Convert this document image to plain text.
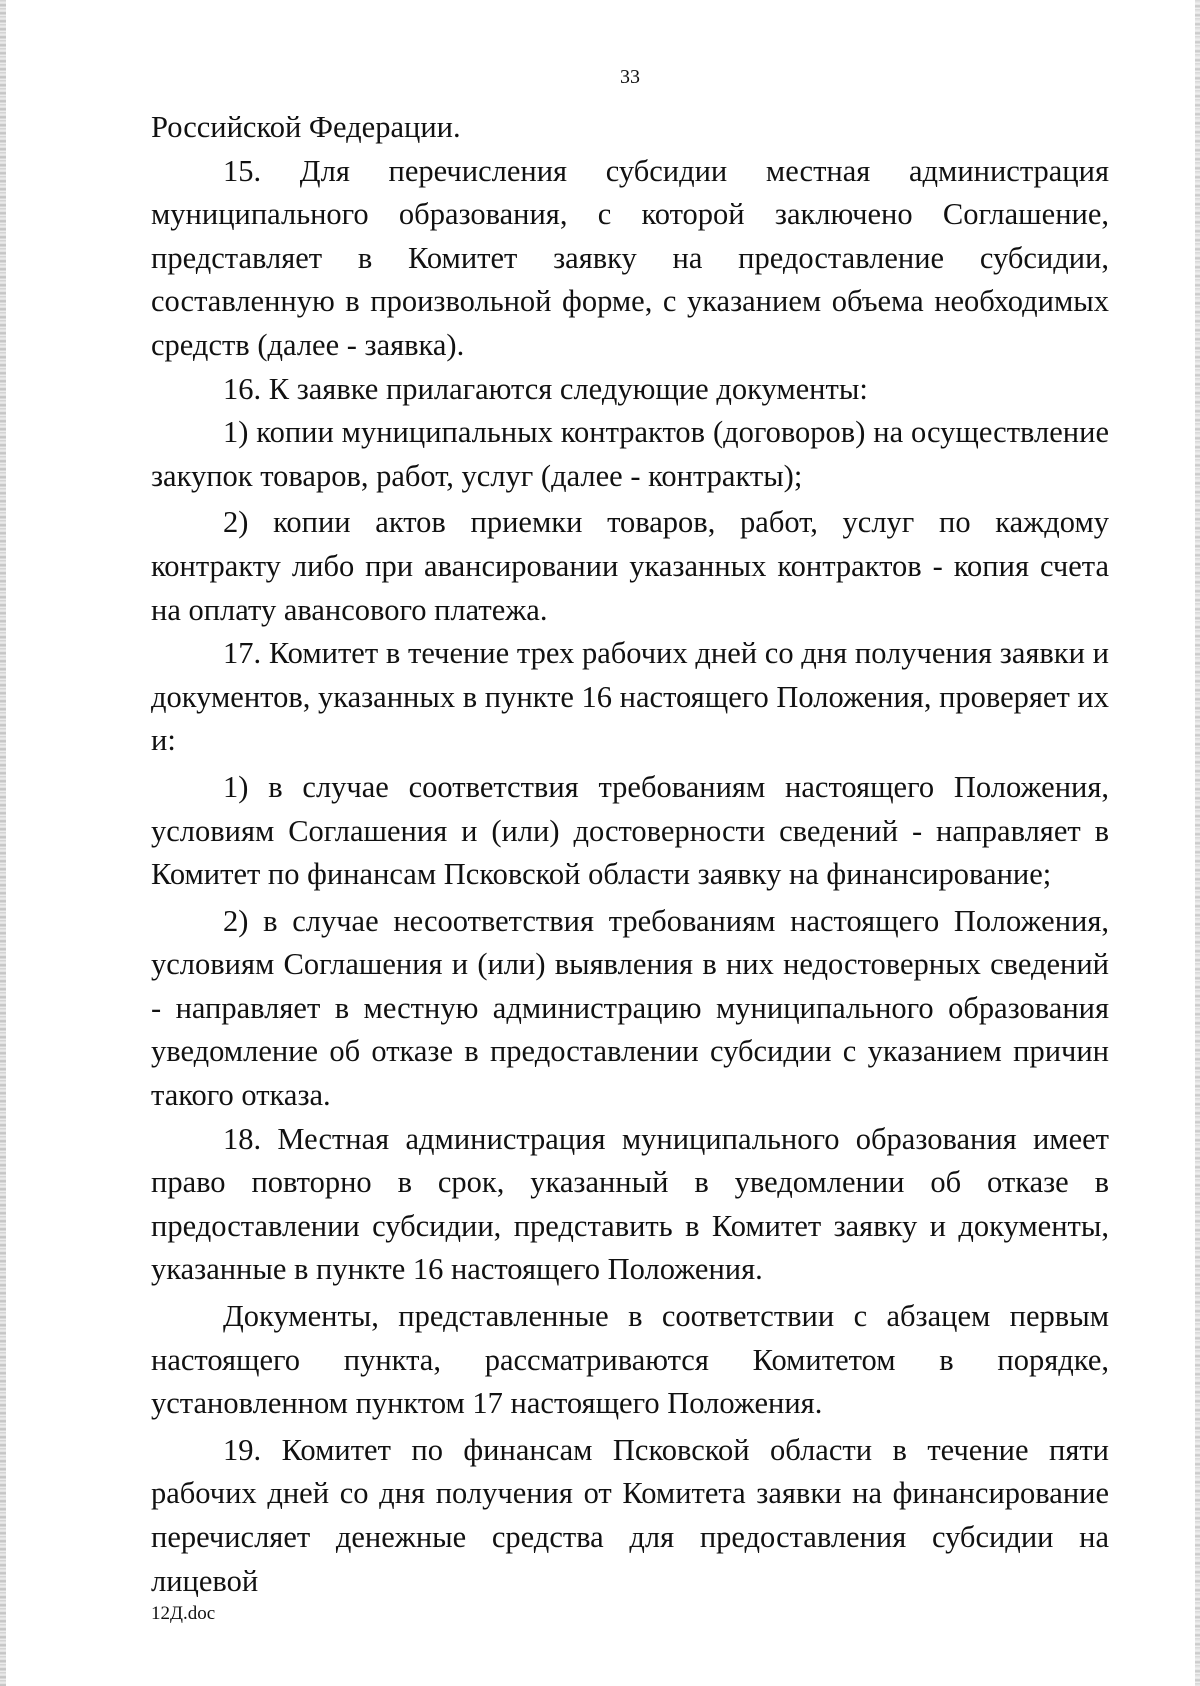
33

Российской Федерации.

15. Для перечисления субсидии местная администрация муниципального образования, с которой заключено Соглашение, представляет в Комитет заявку на предоставление субсидии, составленную в произвольной форме, с указанием объема необходимых средств (далее - заявка).

16. К заявке прилагаются следующие документы:

1) копии муниципальных контрактов (договоров) на осуществление закупок товаров, работ, услуг (далее - контракты);

2) копии актов приемки товаров, работ, услуг по каждому контракту либо при авансировании указанных контрактов - копия счета на оплату авансового платежа.

17. Комитет в течение трех рабочих дней со дня получения заявки и документов, указанных в пункте 16 настоящего Положения, проверяет их и:

1) в случае соответствия требованиям настоящего Положения, условиям Соглашения и (или) достоверности сведений - направляет в Комитет по финансам Псковской области заявку на финансирование;

2) в случае несоответствия требованиям настоящего Положения, условиям Соглашения и (или) выявления в них недостоверных сведений - направляет в местную администрацию муниципального образования уведомление об отказе в предоставлении субсидии с указанием причин такого отказа.

18. Местная администрация муниципального образования имеет право повторно в срок, указанный в уведомлении об отказе в предоставлении субсидии, представить в Комитет заявку и документы, указанные в пункте 16 настоящего Положения.

Документы, представленные в соответствии с абзацем первым настоящего пункта, рассматриваются Комитетом в порядке, установленном пунктом 17 настоящего Положения.

19. Комитет по финансам Псковской области в течение пяти рабочих дней со дня получения от Комитета заявки на финансирование перечисляет денежные средства для предоставления субсидии на лицевой

12Д.doc
